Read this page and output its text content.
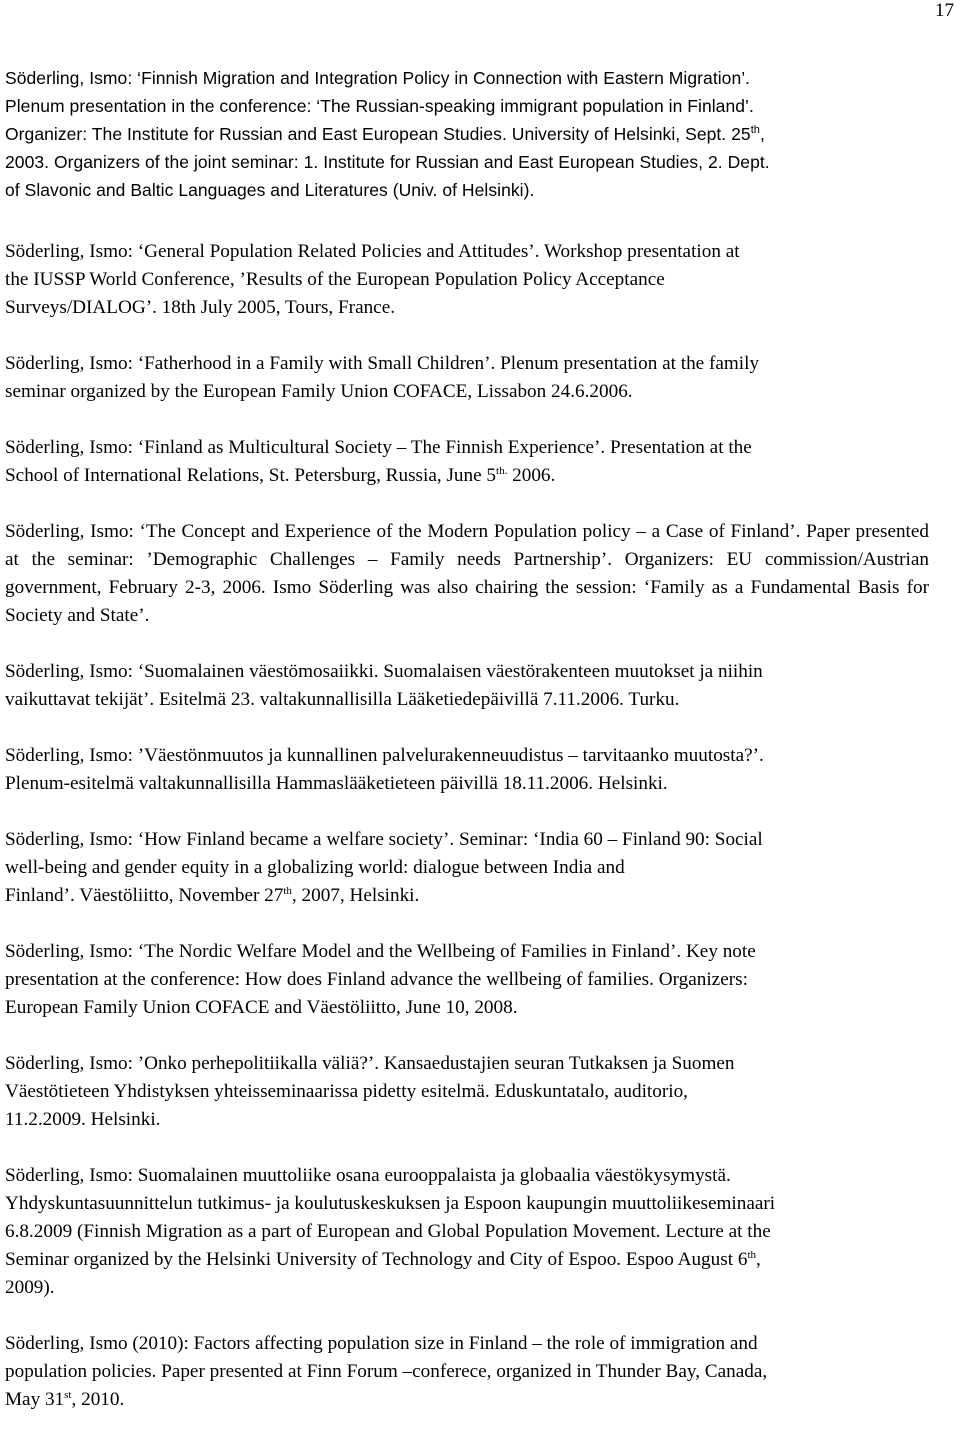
17
Söderling, Ismo: ‘Finnish Migration and Integration Policy in Connection with Eastern Migration’.
Plenum presentation in the conference: ‘The Russian-speaking immigrant population in Finland’.
Organizer: The Institute for Russian and East European Studies. University of Helsinki, Sept. 25th,
2003. Organizers of the joint seminar: 1. Institute for Russian and East European Studies, 2. Dept.
of Slavonic and Baltic Languages and Literatures (Univ. of Helsinki).
Söderling, Ismo: ‘General Population Related Policies and Attitudes’. Workshop presentation at
the IUSSP World Conference, ’Results of the European Population Policy Acceptance
Surveys/DIALOG’. 18th July 2005, Tours, France.
Söderling, Ismo: ‘Fatherhood in a Family with Small Children’. Plenum presentation at the family
seminar organized by the European Family Union COFACE, Lissabon 24.6.2006.
Söderling, Ismo: ‘Finland as Multicultural Society – The Finnish Experience’. Presentation at the
School of International Relations, St. Petersburg, Russia, June $5^{th.}$ 2006.
Söderling, Ismo: ‘The Concept and Experience of the Modern Population policy – a Case of Finland’. Paper presented at the seminar: ’Demographic Challenges – Family needs Partnership’. Organizers: EU commission/Austrian government, February 2-3, 2006. Ismo Söderling was also chairing the session: ‘Family as a Fundamental Basis for Society and State’.
Söderling, Ismo: ‘Suomalainen väestömosaiikki. Suomalaisen väestörakenteen muutokset ja niihin
vaikuttavat tekijät’. Esitelmä 23. valtakunnallisilla Lääketiedepäivillä 7.11.2006. Turku.
Söderling, Ismo: ’Väestönmuutos ja kunnallinen palvelurakenneuudistus – tarvitaanko muutosta?’.
Plenum-esitelmä valtakunnallisilla Hammaslääketieteen päivillä 18.11.2006. Helsinki.
Söderling, Ismo: ‘How Finland became a welfare society’. Seminar: ‘India 60 – Finland 90: Social
well-being and gender equity in a globalizing world: dialogue between India and
Finland’. Väestöliitto, November 27th, 2007, Helsinki.
Söderling, Ismo: ‘The Nordic Welfare Model and the Wellbeing of Families in Finland’. Key note
presentation at the conference: How does Finland advance the wellbeing of families. Organizers:
European Family Union COFACE and Väestöliitto, June 10, 2008.
Söderling, Ismo: ’Onko perhepolitiikalla väliä?’. Kansaedustajien seuran Tutkaksen ja Suomen
Väestötieteen Yhdistyksen yhteisseminaarissa pidetty esitelmä. Eduskuntatalo, auditorio,
11.2.2009. Helsinki.
Söderling, Ismo: Suomalainen muuttoliike osana eurooppalaista ja globaalia väestökysymystä.
Yhdyskuntasuunnittelun tutkimus- ja koulutuskeskuksen ja Espoon kaupungin muuttoliikeseminaari
6.8.2009 (Finnish Migration as a part of European and Global Population Movement. Lecture at the
Seminar organized by the Helsinki University of Technology and City of Espoo. Espoo August 6th,
2009).
Söderling, Ismo (2010): Factors affecting population size in Finland – the role of immigration and
population policies. Paper presented at Finn Forum –conferece, organized in Thunder Bay, Canada,
May 31st, 2010.
